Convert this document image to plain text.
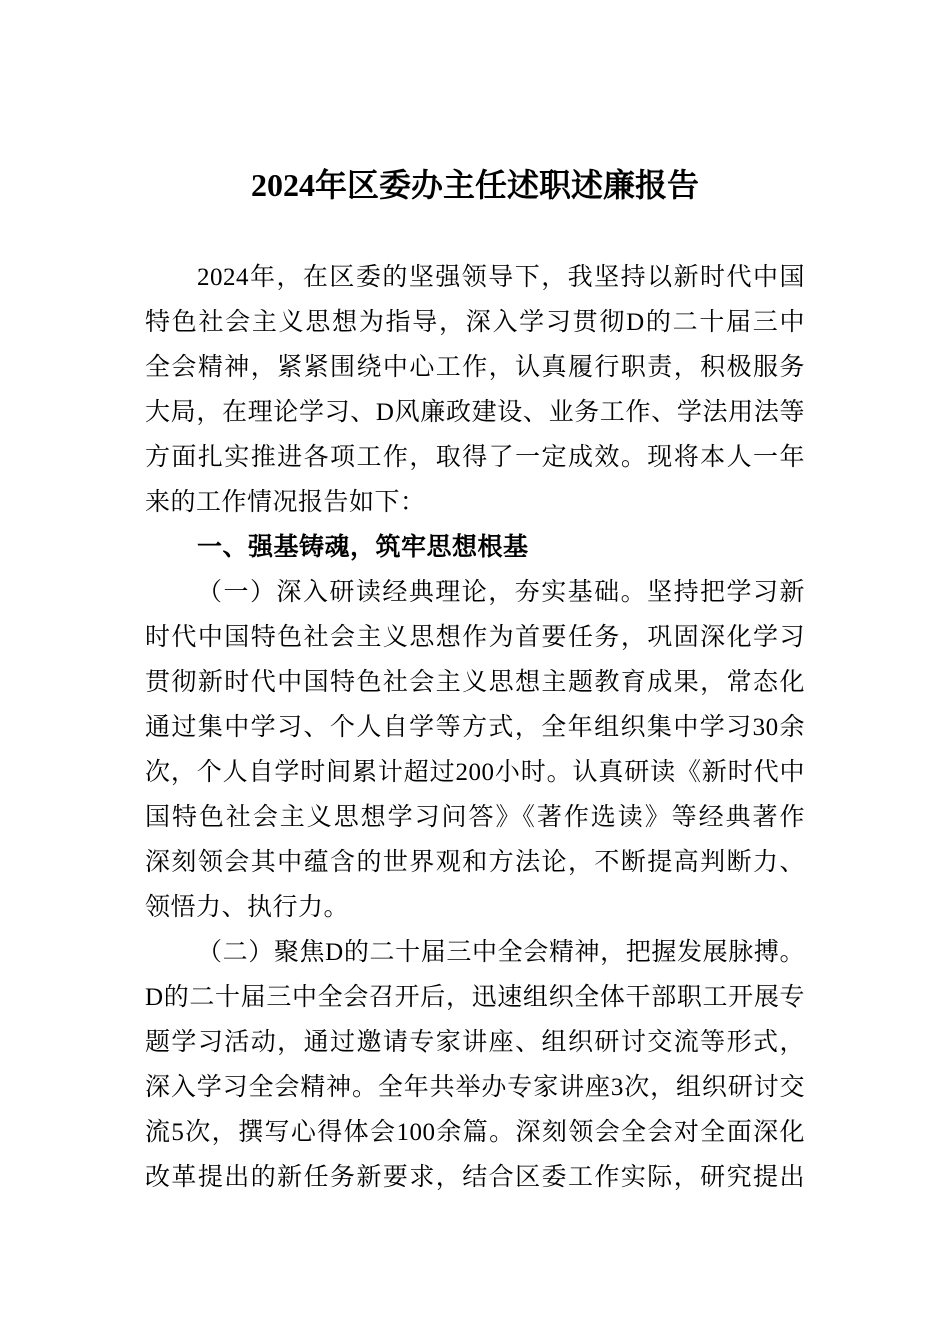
2024年区委办主任述职述廉报告
2024年，在区委的坚强领导下，我坚持以新时代中国
特色社会主义思想为指导，深入学习贯彻D的二十届三中
全会精神，紧紧围绕中心工作，认真履行职责，积极服务
大局，在理论学习、D风廉政建设、业务工作、学法用法等
方面扎实推进各项工作，取得了一定成效。现将本人一年
来的工作情况报告如下：
一、强基铸魂，筑牢思想根基
（一）深入研读经典理论，夯实基础。坚持把学习新
时代中国特色社会主义思想作为首要任务，巩固深化学习
贯彻新时代中国特色社会主义思想主题教育成果，常态化
通过集中学习、个人自学等方式，全年组织集中学习30余
次，个人自学时间累计超过200小时。认真研读《新时代中
国特色社会主义思想学习问答》《著作选读》等经典著作
深刻领会其中蕴含的世界观和方法论，不断提高判断力、
领悟力、执行力。
（二）聚焦D的二十届三中全会精神，把握发展脉搏。
D的二十届三中全会召开后，迅速组织全体干部职工开展专
题学习活动，通过邀请专家讲座、组织研讨交流等形式，
深入学习全会精神。全年共举办专家讲座3次，组织研讨交
流5次，撰写心得体会100余篇。深刻领会全会对全面深化
改革提出的新任务新要求，结合区委工作实际，研究提出
